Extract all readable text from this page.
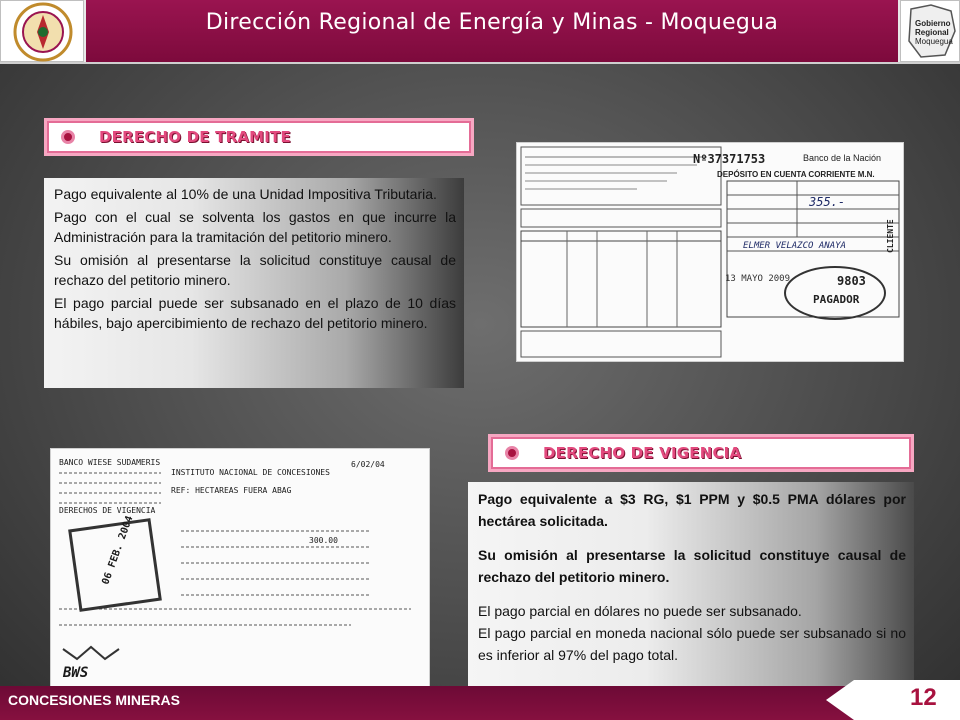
Dirección Regional de Energía y Minas - Moquegua	Gobierno
Regional
Moquegua
DERECHO DE TRAMITE

Pago equivalente al 10% de una Unidad Impositiva Tributaria.

Pago con el cual se solventa los gastos en que incurre la Administración para la tramitación del petitorio minero.

Su omisión al presentarse la solicitud constituye causal de rechazo del petitorio minero.

El pago parcial puede ser subsanado en el plazo de 10 días hábiles, bajo apercibimiento de rechazo del petitorio minero.

Nº37371753	Banco de la Nación
DEPÓSITO EN CUENTA CORRIENTE M.N.
355.-
ELMER VELAZCO ANAYA
13 MAYO 2009	9803
PAGADOR
CLIENTE
BANCO WIESE SUDAMERIS
INSTITUTO NACIONAL DE CONCESIONES
REF: HECTAREAS FUERA ABAG
DERECHOS DE VIGENCIA
6/02/04
300.00
06 FEB. 2004
BWS
DERECHO DE VIGENCIA

Pago equivalente a $3 RG, $1 PPM y $0.5 PMA dólares por hectárea solicitada.

Su omisión al presentarse la solicitud constituye causal de rechazo del petitorio minero.

El pago parcial en dólares no puede ser subsanado.

El pago parcial en moneda nacional sólo puede ser subsanado si no es inferior al 97% del pago total.

CONCESIONES MINERAS	12
